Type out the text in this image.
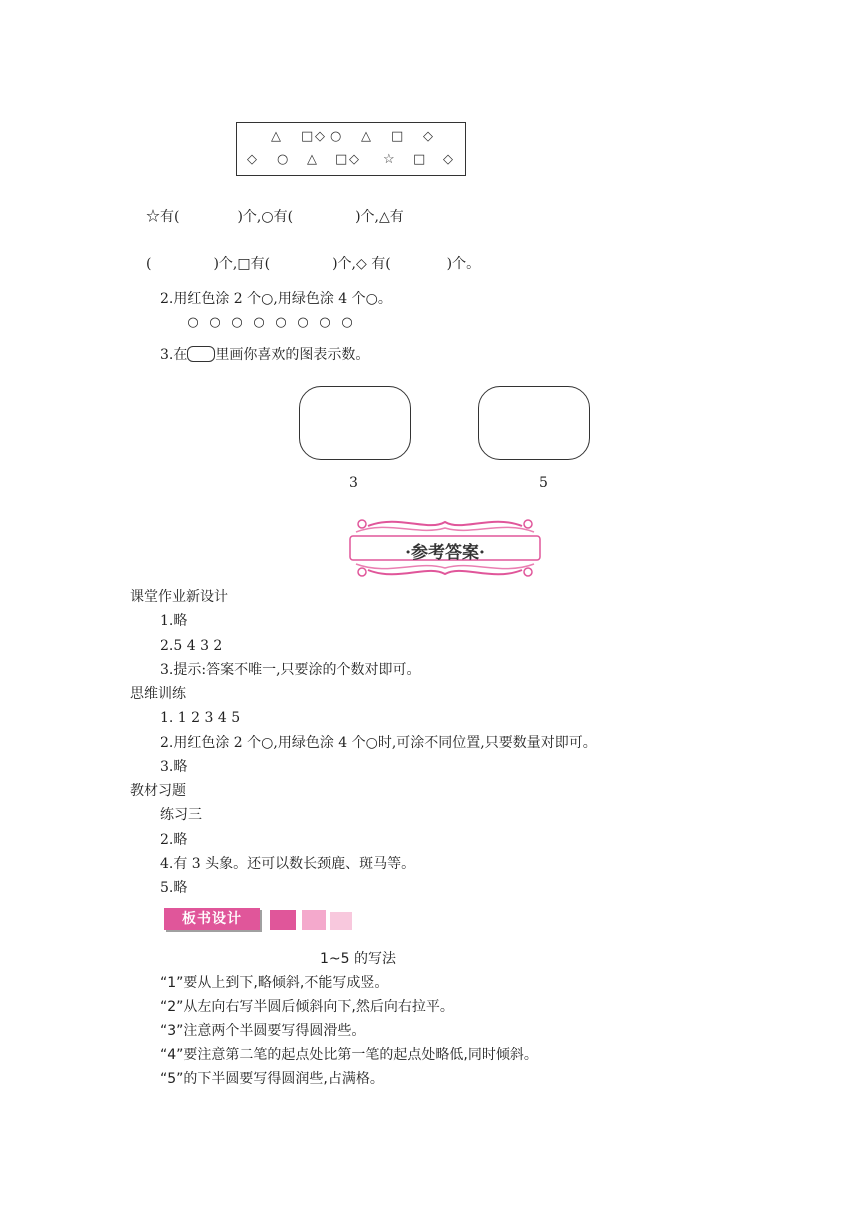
△ □ ◇ ○ △ □ ◇
◇ ○ △ □ ◇ ☆ □ ◇
☆有(	)个,○有(	)个,△有
(	)个,□有(	)个,◇ 有(	)个。
2.用红色涂 2 个○,用绿色涂 4 个○。
○ ○ ○ ○ ○ ○ ○ ○
3.在 里画你喜欢的图表示数。
3	5
·参考答案·
课堂作业新设计
1.略
2.5 4 3 2
3.提示:答案不唯一,只要涂的个数对即可。
思维训练
1. 1 2 3 4 5
2.用红色涂 2 个○,用绿色涂 4 个○时,可涂不同位置,只要数量对即可。
3.略
教材习题
练习三
2.略
4.有 3 头象。还可以数长颈鹿、斑马等。
5.略
板书设计
1~5 的写法
“1”要从上到下,略倾斜,不能写成竖。
“2”从左向右写半圆后倾斜向下,然后向右拉平。
“3”注意两个半圆要写得圆滑些。
“4”要注意第二笔的起点处比第一笔的起点处略低,同时倾斜。
“5”的下半圆要写得圆润些,占满格。
